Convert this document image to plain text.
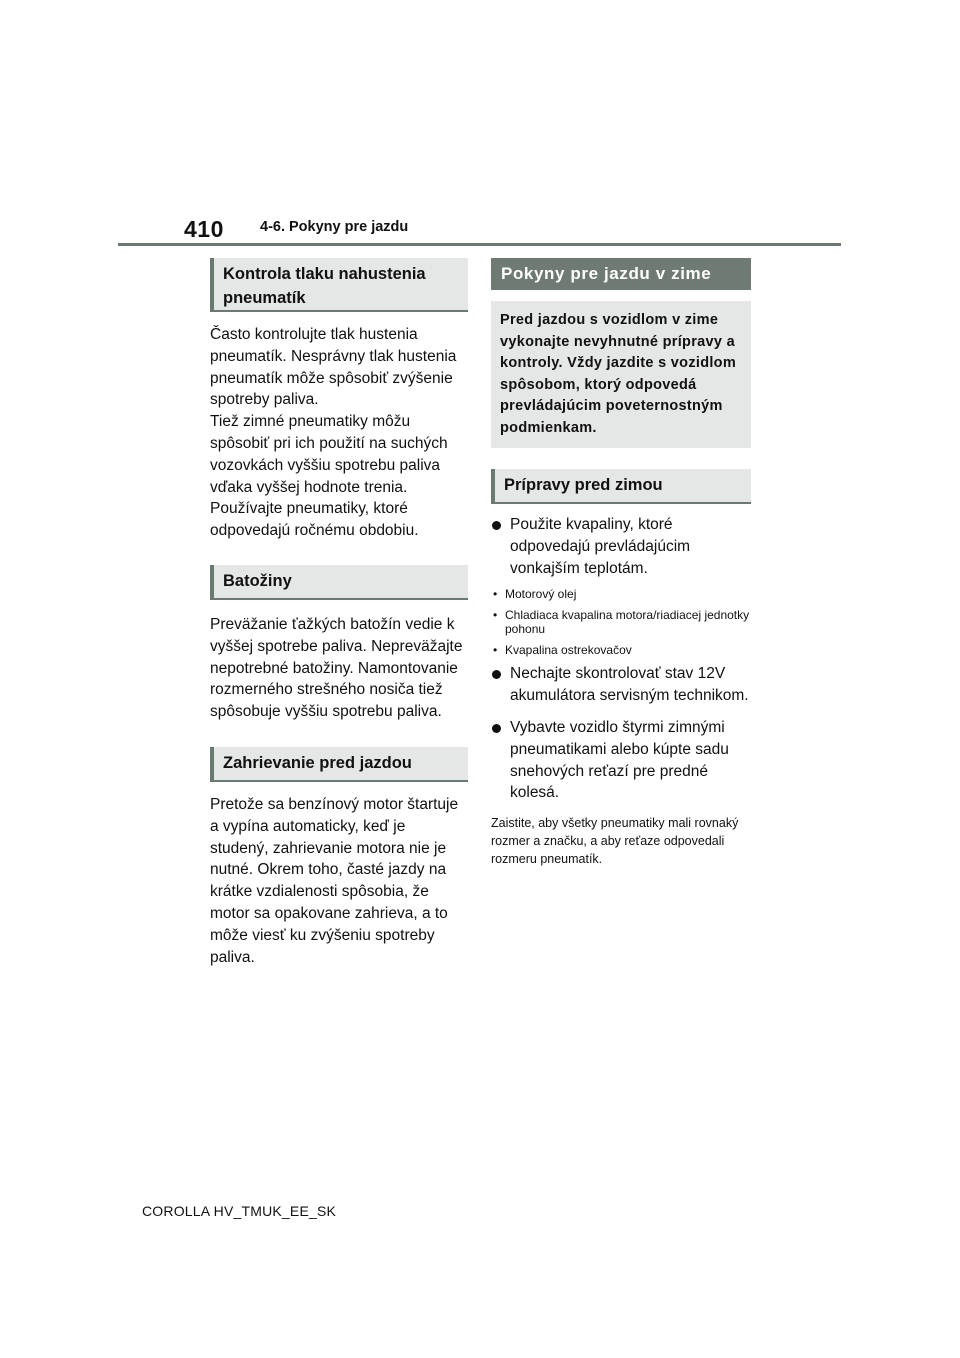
410 4-6. Pokyny pre jazdu
Kontrola tlaku nahustenia pneumatík

Často kontrolujte tlak hustenia pneumatík. Nesprávny tlak hustenia pneumatík môže spôsobiť zvýšenie spotreby paliva.

Tiež zimné pneumatiky môžu spôsobiť pri ich použití na suchých vozovkách vyššiu spotrebu paliva vďaka vyššej hodnote trenia. Používajte pneumatiky, ktoré odpovedajú ročnému obdobiu.

Batožiny

Preväžanie ťažkých batožín vedie k vyššej spotrebe paliva. Nepreväžajte nepotrebné batožiny. Namontovanie rozmerného strešného nosiča tiež spôsobuje vyššiu spotrebu paliva.

Zahrievanie pred jazdou

Pretože sa benzínový motor štartuje a vypína automaticky, keď je studený, zahrievanie motora nie je nutné. Okrem toho, časté jazdy na krátke vzdialenosti spôsobia, že motor sa opakovane zahrieva, a to môže viesť ku zvýšeniu spotreby paliva.

Pokyny pre jazdu v zime
Pred jazdou s vozidlom v zime vykonajte nevyhnutné prípravy a kontroly. Vždy jazdite s vozidlom spôsobom, ktorý odpovedá prevládajúcim poveternostným podmienkam.
Prípravy pred zimou
Použite kvapaliny, ktoré odpovedajú prevládajúcim vonkajším teplotám.
• Motorový olej
• Chladiaca kvapalina motora/riadiacej jednotky pohonu
• Kvapalina ostrekovačov
Nechajte skontrolovať stav 12V akumulátora servisným technikom.
Vybavte vozidlo štyrmi zimnými pneumatikami alebo kúpte sadu snehových reťazí pre predné kolesá.
Zaistite, aby všetky pneumatiky mali rovnaký rozmer a značku, a aby reťaze odpovedali rozmeru pneumatík.
COROLLA HV_TMUK_EE_SK
